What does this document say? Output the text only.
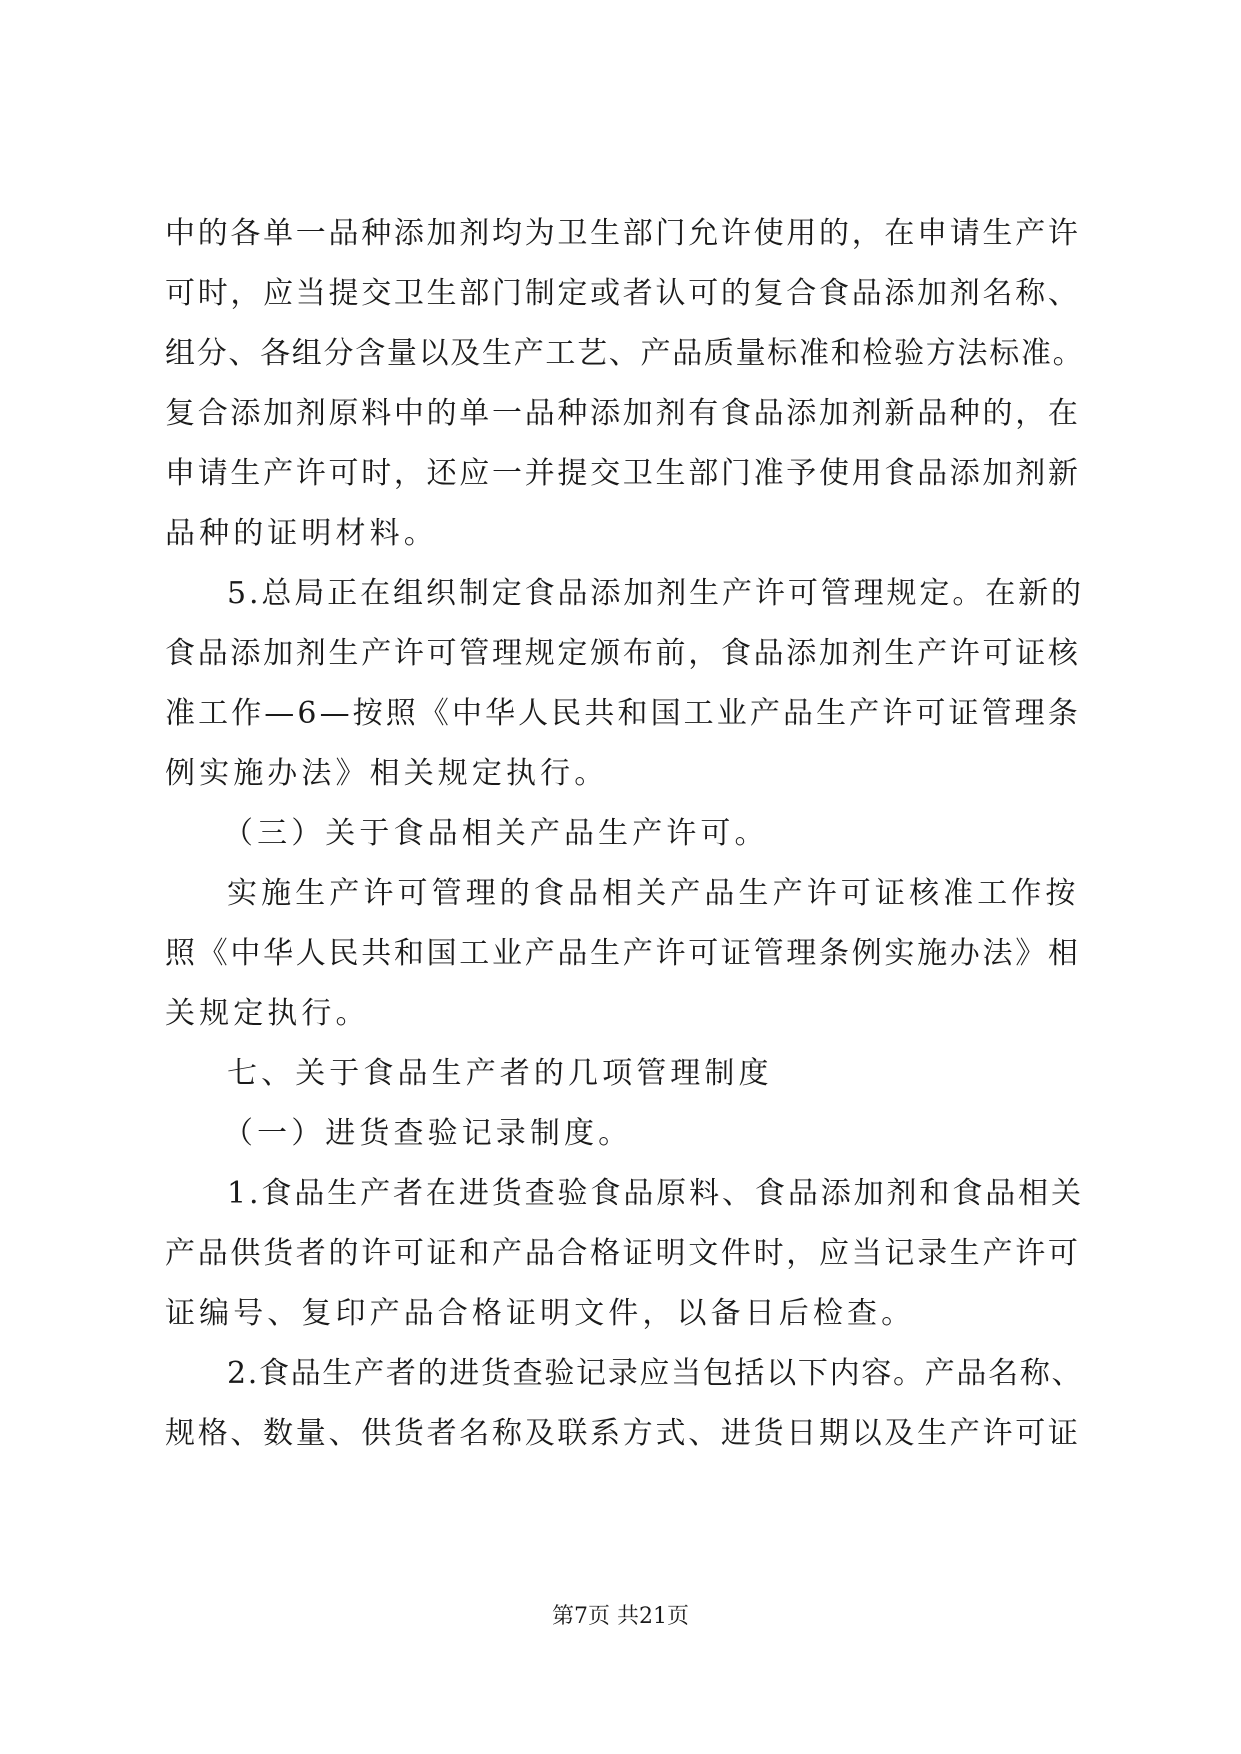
中的各单一品种添加剂均为卫生部门允许使用的，在申请生产许
可时，应当提交卫生部门制定或者认可的复合食品添加剂名称、
组分、各组分含量以及生产工艺、产品质量标准和检验方法标准。
复合添加剂原料中的单一品种添加剂有食品添加剂新品种的，在
申请生产许可时，还应一并提交卫生部门准予使用食品添加剂新
品种的证明材料。
5.总局正在组织制定食品添加剂生产许可管理规定。在新的
食品添加剂生产许可管理规定颁布前，食品添加剂生产许可证核
准工作—6—按照《中华人民共和国工业产品生产许可证管理条
例实施办法》相关规定执行。
（三）关于食品相关产品生产许可。
实施生产许可管理的食品相关产品生产许可证核准工作按
照《中华人民共和国工业产品生产许可证管理条例实施办法》相
关规定执行。
七、关于食品生产者的几项管理制度
（一）进货查验记录制度。
1.食品生产者在进货查验食品原料、食品添加剂和食品相关
产品供货者的许可证和产品合格证明文件时，应当记录生产许可
证编号、复印产品合格证明文件，以备日后检查。
2.食品生产者的进货查验记录应当包括以下内容。产品名称、
规格、数量、供货者名称及联系方式、进货日期以及生产许可证
第7页 共21页
